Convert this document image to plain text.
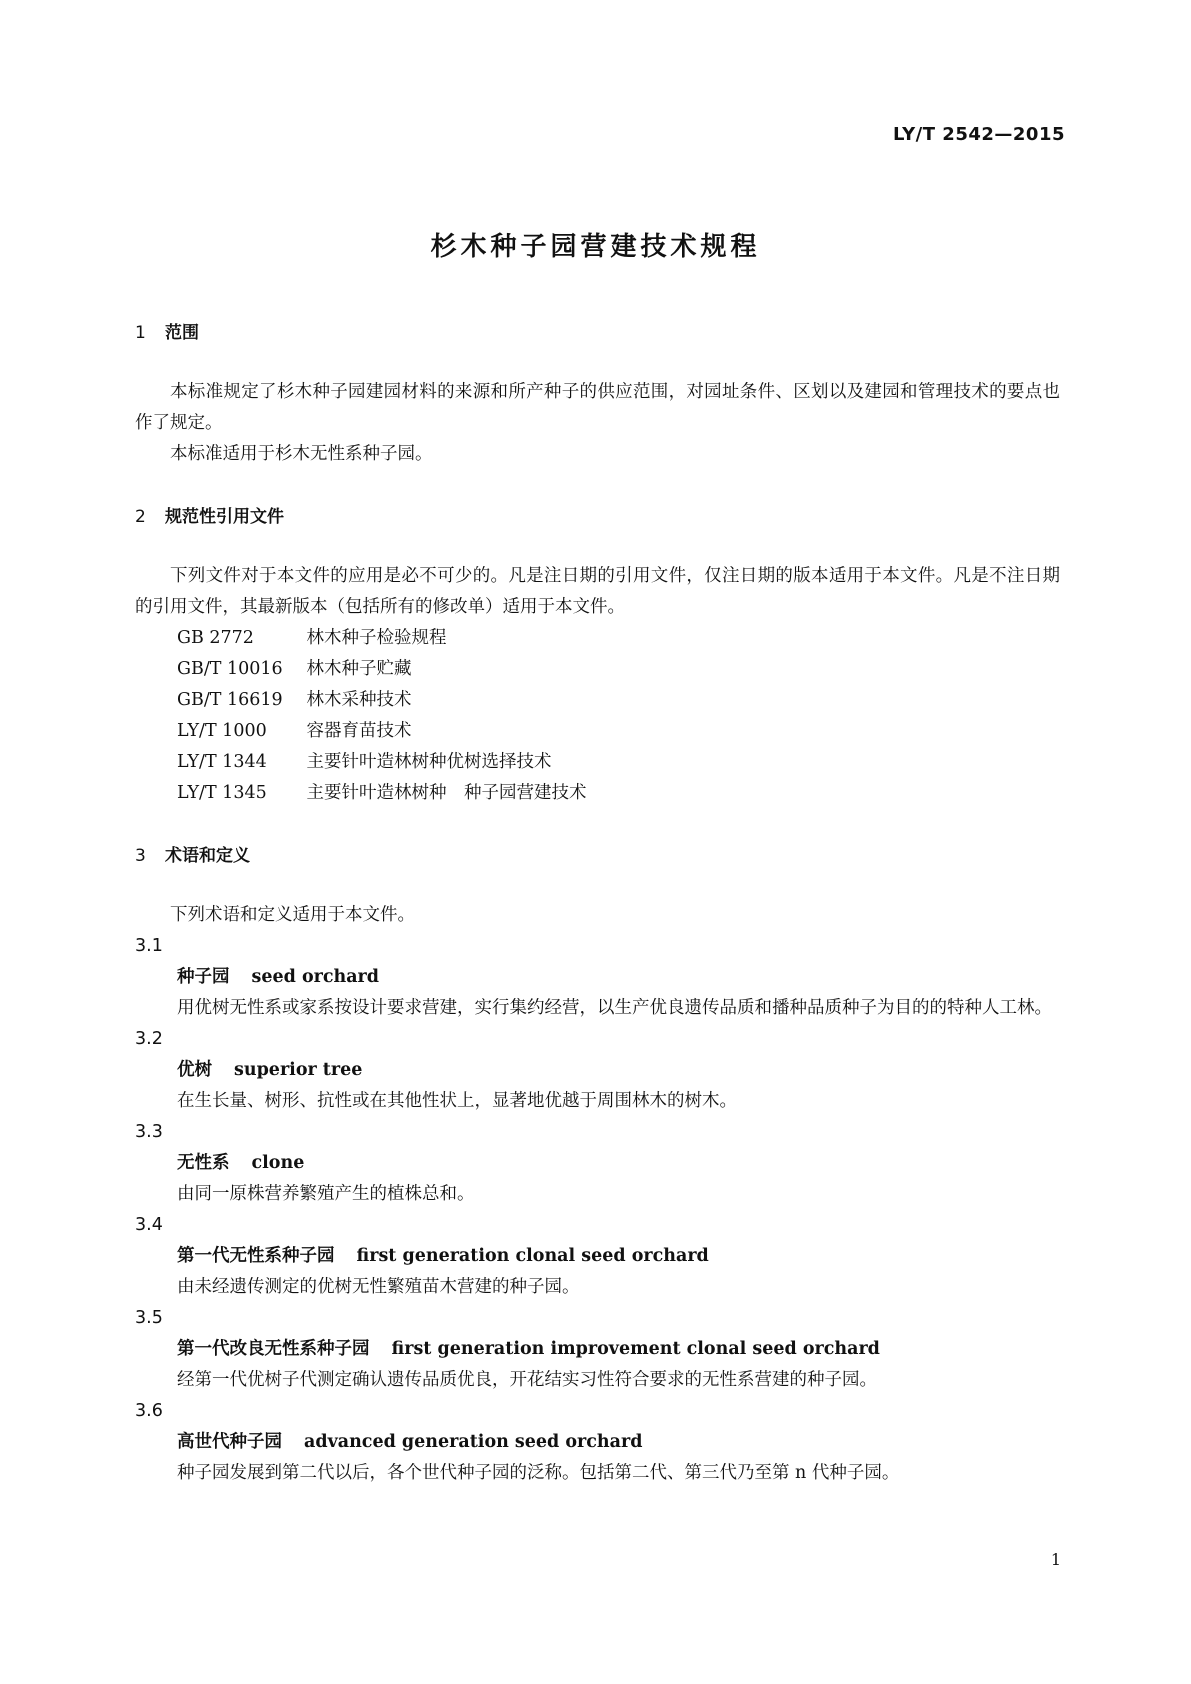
LY/T 2542—2015
杉木种子园营建技术规程
1 范围

本标准规定了杉木种子园建园材料的来源和所产种子的供应范围，对园址条件、区划以及建园和管理技术的要点也作了规定。

本标准适用于杉木无性系种子园。

2 规范性引用文件

下列文件对于本文件的应用是必不可少的。凡是注日期的引用文件，仅注日期的版本适用于本文件。凡是不注日期的引用文件，其最新版本（包括所有的修改单）适用于本文件。

GB 2772　	林木种子检验规程
GB/T 10016　 林木种子贮藏
GB/T 16619　 林木采种技术
LY/T 1000　 容器育苗技术
LY/T 1344　 主要针叶造林树种优树选择技术
LY/T 1345　 主要针叶造林树种　种子园营建技术
3 术语和定义

下列术语和定义适用于本文件。

3.1
种子园 seed orchard
用优树无性系或家系按设计要求营建，实行集约经营，以生产优良遗传品质和播种品质种子为目的的特种人工林。
3.2
优树 superior tree
在生长量、树形、抗性或在其他性状上，显著地优越于周围林木的树木。
3.3
无性系 clone
由同一原株营养繁殖产生的植株总和。
3.4
第一代无性系种子园 first generation clonal seed orchard
由未经遗传测定的优树无性繁殖苗木营建的种子园。
3.5
第一代改良无性系种子园 first generation improvement clonal seed orchard
经第一代优树子代测定确认遗传品质优良，开花结实习性符合要求的无性系营建的种子园。
3.6
高世代种子园 advanced generation seed orchard
种子园发展到第二代以后，各个世代种子园的泛称。包括第二代、第三代乃至第 n 代种子园。
1
